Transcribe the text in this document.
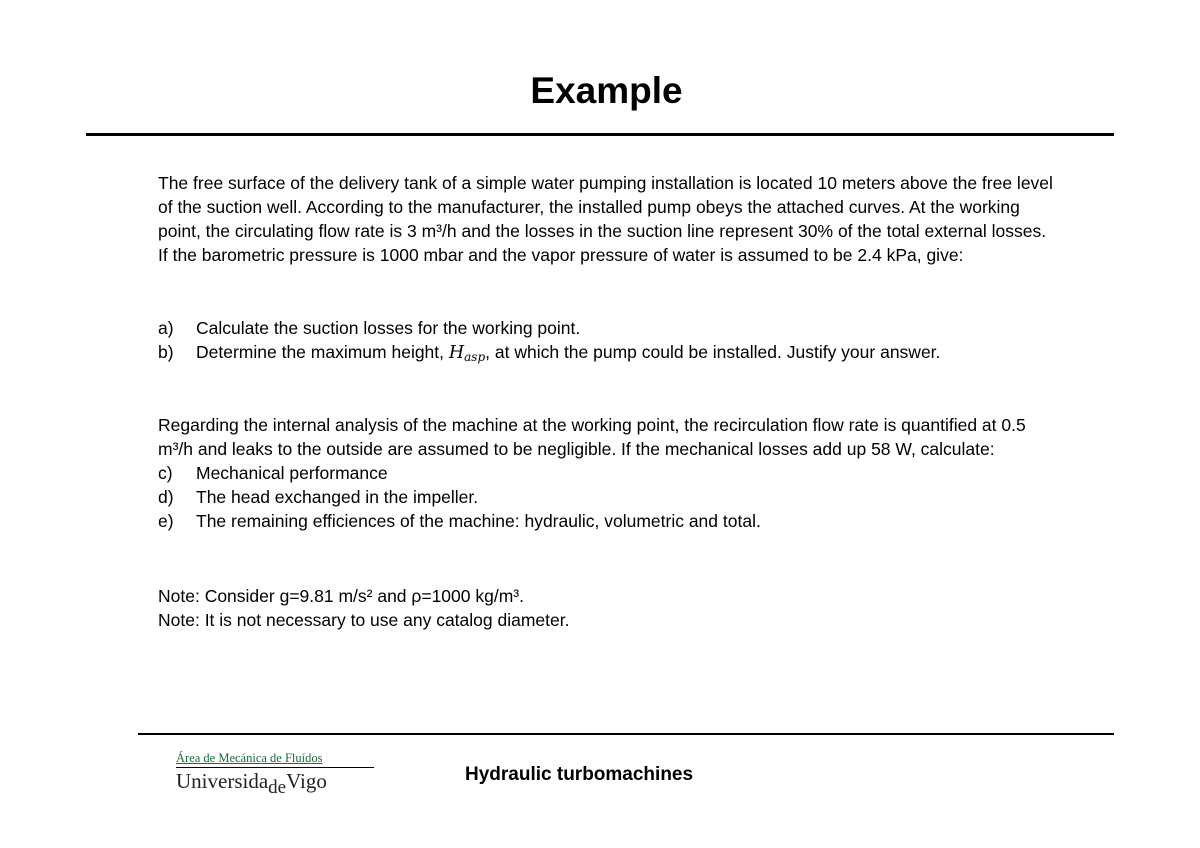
Example

The free surface of the delivery tank of a simple water pumping installation is located 10 meters above the free level of the suction well. According to the manufacturer, the installed pump obeys the attached curves. At the working point, the circulating flow rate is 3 m³/h and the losses in the suction line represent 30% of the total external losses. If the barometric pressure is 1000 mbar and the vapor pressure of water is assumed to be 2.4 kPa, give:

a)	Calculate the suction losses for the working point.
b)	Determine the maximum height, $H_{asp}$, at which the pump could be installed. Justify your answer.

Regarding the internal analysis of the machine at the working point, the recirculation flow rate is quantified at 0.5 m³/h and leaks to the outside are assumed to be negligible. If the mechanical losses add up 58 W, calculate:

c)	Mechanical performance
d)	The head exchanged in the impeller.
e)	The remaining efficiences of the machine: hydraulic, volumetric and total.

Note: Consider g=9.81 m/s² and ρ=1000 kg/m³.

Note: It is not necessary to use any catalog diameter.

Área de Mecánica de Fluídos
UniversidadeVigo	Hydraulic turbomachines
